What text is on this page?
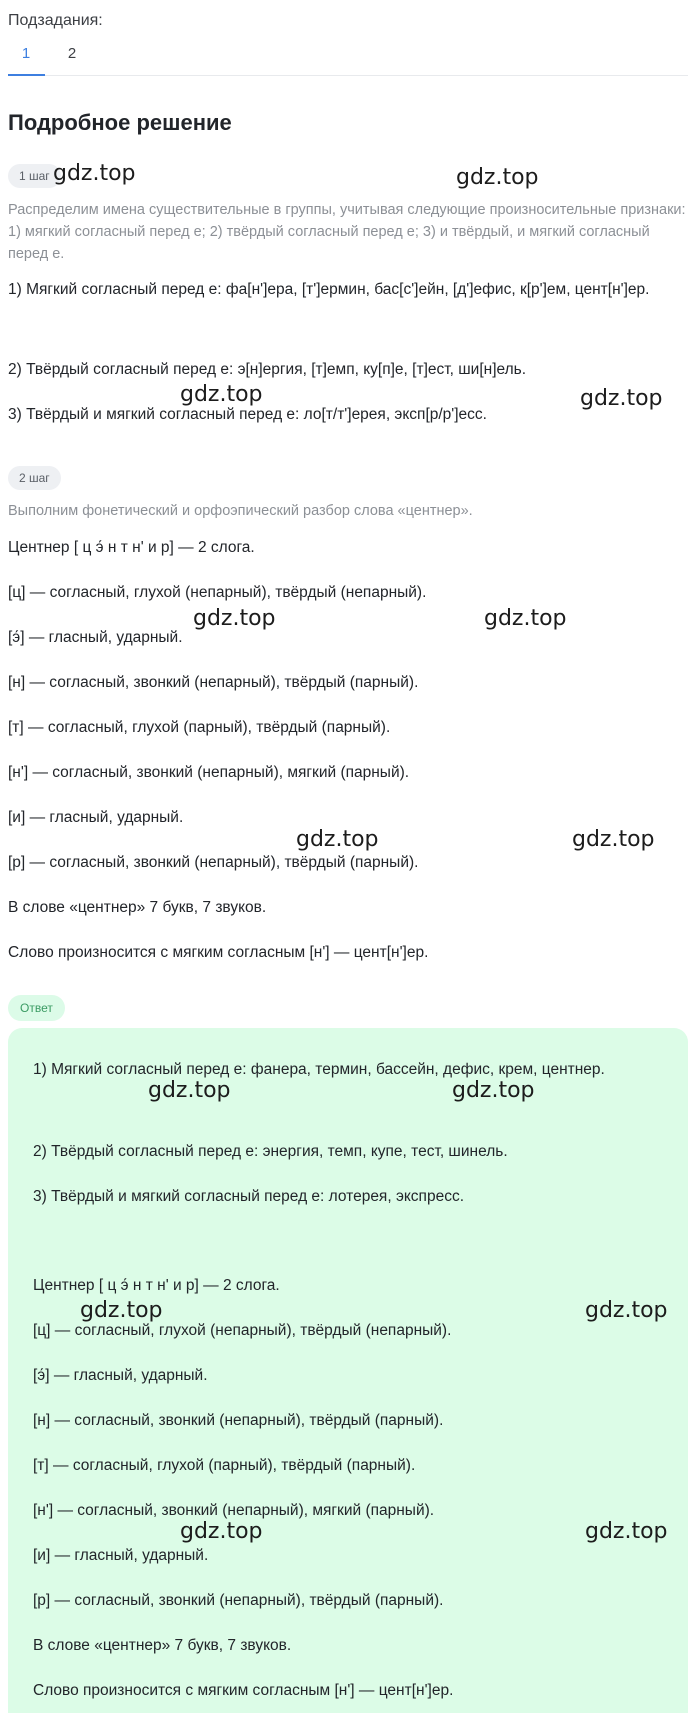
Подзадания:
1	2
Подробное решение
1 шаг
Распределим имена существительные в группы, учитывая следующие произносительные признаки: 1) мягкий согласный перед е; 2) твёрдый согласный перед е; 3) и твёрдый, и мягкий согласный перед е.
1) Мягкий согласный перед е: фа[н']ера, [т']ермин, бас[с']ейн, [д']ефис, к[р']ем, цент[н']ер.
2) Твёрдый согласный перед е: э[н]ергия, [т]емп, ку[п]е, [т]ест, ши[н]ель.
3) Твёрдый и мягкий согласный перед е: ло[т/т']ерея, эксп[р/р']есс.
2 шаг
Выполним фонетический и орфоэпический разбор слова «центнер».
Центнер [ ц э́ н т н' и р] — 2 слога.
[ц] — согласный, глухой (непарный), твёрдый (непарный).
[э́] — гласный, ударный.
[н] — согласный, звонкий (непарный), твёрдый (парный).
[т] — согласный, глухой (парный), твёрдый (парный).
[н'] — согласный, звонкий (непарный), мягкий (парный).
[и] — гласный, ударный.
[р] — согласный, звонкий (непарный), твёрдый (парный).
В слове «центнер» 7 букв, 7 звуков.
Слово произносится с мягким согласным [н'] — цент[н']ер.
Ответ
1) Мягкий согласный перед е: фанера, термин, бассейн, дефис, крем, центнер.
2) Твёрдый согласный перед е: энергия, темп, купе, тест, шинель.
3) Твёрдый и мягкий согласный перед е: лотерея, экспресс.
Центнер [ ц э́ н т н' и р] — 2 слога.
[ц] — согласный, глухой (непарный), твёрдый (непарный).
[э́] — гласный, ударный.
[н] — согласный, звонкий (непарный), твёрдый (парный).
[т] — согласный, глухой (парный), твёрдый (парный).
[н'] — согласный, звонкий (непарный), мягкий (парный).
[и] — гласный, ударный.
[р] — согласный, звонкий (непарный), твёрдый (парный).
В слове «центнер» 7 букв, 7 звуков.
Слово произносится с мягким согласным [н'] — цент[н']ер.
gdz.top	gdz.top
gdz.top	gdz.top
gdz.top	gdz.top
gdz.top	gdz.top
gdz.top	gdz.top
gdz.top	gdz.top
gdz.top	gdz.top
